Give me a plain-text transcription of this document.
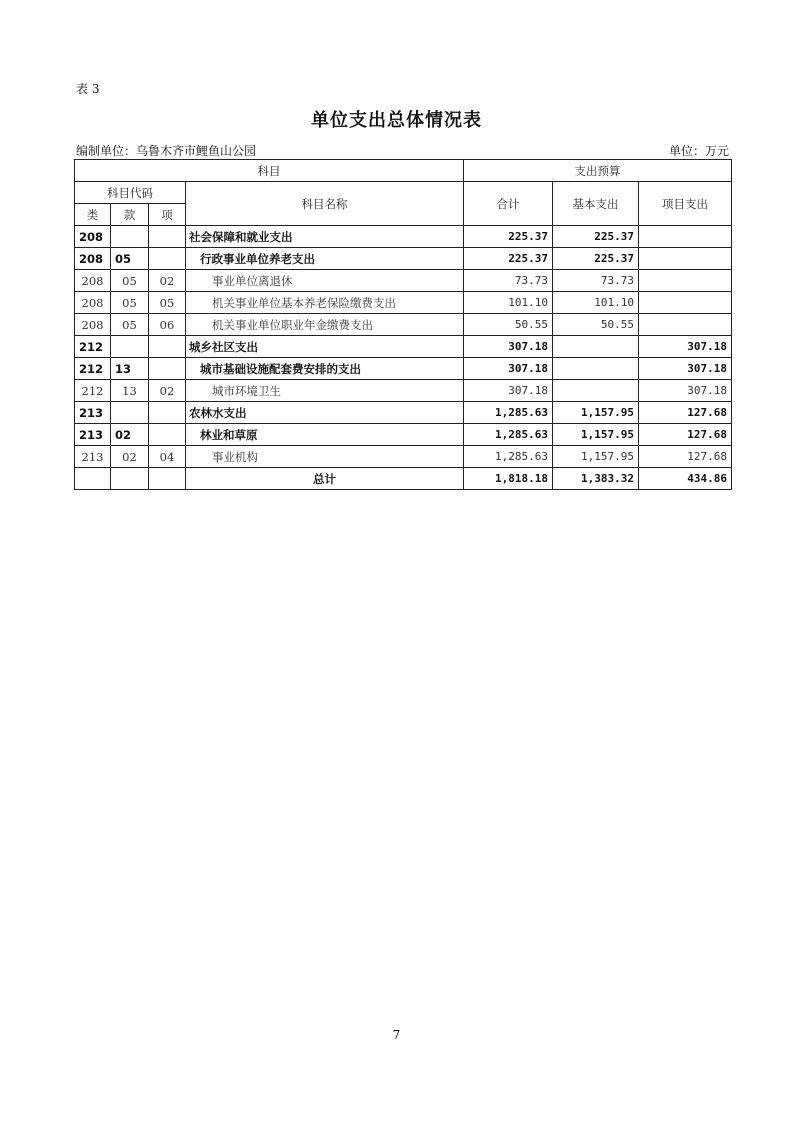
表 3
单位支出总体情况表
编制单位：乌鲁木齐市鲤鱼山公园	单位：万元
科目				支出预算		
科目代码			科目名称	合计	基本支出	项目支出
类	款	项				
208			社会保障和就业支出	225.37	225.37	
208	05		行政事业单位养老支出	225.37	225.37	
208	05	02	事业单位离退休	73.73	73.73	
208	05	05	机关事业单位基本养老保险缴费支出	101.10	101.10	
208	05	06	机关事业单位职业年金缴费支出	50.55	50.55	
212			城乡社区支出	307.18		307.18
212	13		城市基础设施配套费安排的支出	307.18		307.18
212	13	02	城市环境卫生	307.18		307.18
213			农林水支出	1,285.63	1,157.95	127.68
213	02		林业和草原	1,285.63	1,157.95	127.68
213	02	04	事业机构	1,285.63	1,157.95	127.68
			总计	1,818.18	1,383.32	434.86
7
